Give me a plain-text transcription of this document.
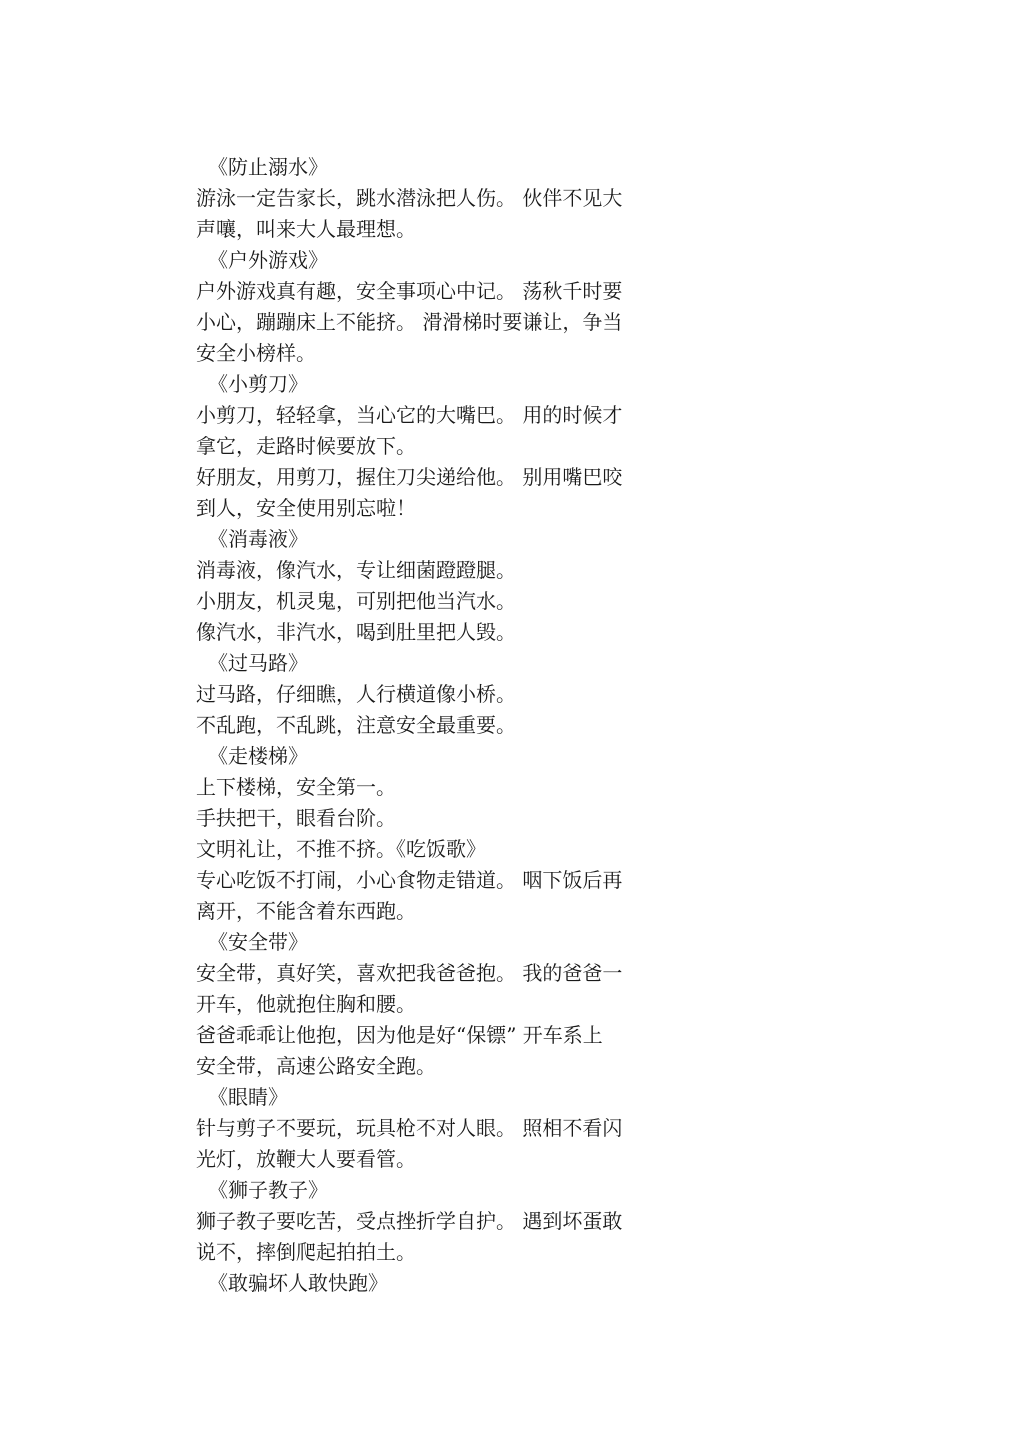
《防止溺水》
游泳一定告家长，跳水潜泳把人伤。 伙伴不见大
声嚷，叫来大人最理想。
《户外游戏》
户外游戏真有趣，安全事项心中记。 荡秋千时要
小心，蹦蹦床上不能挤。 滑滑梯时要谦让，争当
安全小榜样。
《小剪刀》
小剪刀，轻轻拿，当心它的大嘴巴。 用的时候才
拿它，走路时候要放下。
好朋友，用剪刀，握住刀尖递给他。 别用嘴巴咬
到人，安全使用别忘啦！
《消毒液》
消毒液，像汽水，专让细菌蹬蹬腿。
小朋友，机灵鬼，可别把他当汽水。
像汽水，非汽水，喝到肚里把人毁。
《过马路》
过马路，仔细瞧，人行横道像小桥。
不乱跑，不乱跳，注意安全最重要。
《走楼梯》
上下楼梯，安全第一。
手扶把干，眼看台阶。
文明礼让，不推不挤。《吃饭歌》
专心吃饭不打闹，小心食物走错道。 咽下饭后再
离开，不能含着东西跑。
《安全带》
安全带，真好笑，喜欢把我爸爸抱。 我的爸爸一
开车，他就抱住胸和腰。
爸爸乖乖让他抱，因为他是好“保镖” 开车系上
安全带，高速公路安全跑。
《眼睛》
针与剪子不要玩，玩具枪不对人眼。 照相不看闪
光灯，放鞭大人要看管。
《狮子教子》
狮子教子要吃苦，受点挫折学自护。 遇到坏蛋敢
说不，摔倒爬起拍拍土。
《敢骗坏人敢快跑》
